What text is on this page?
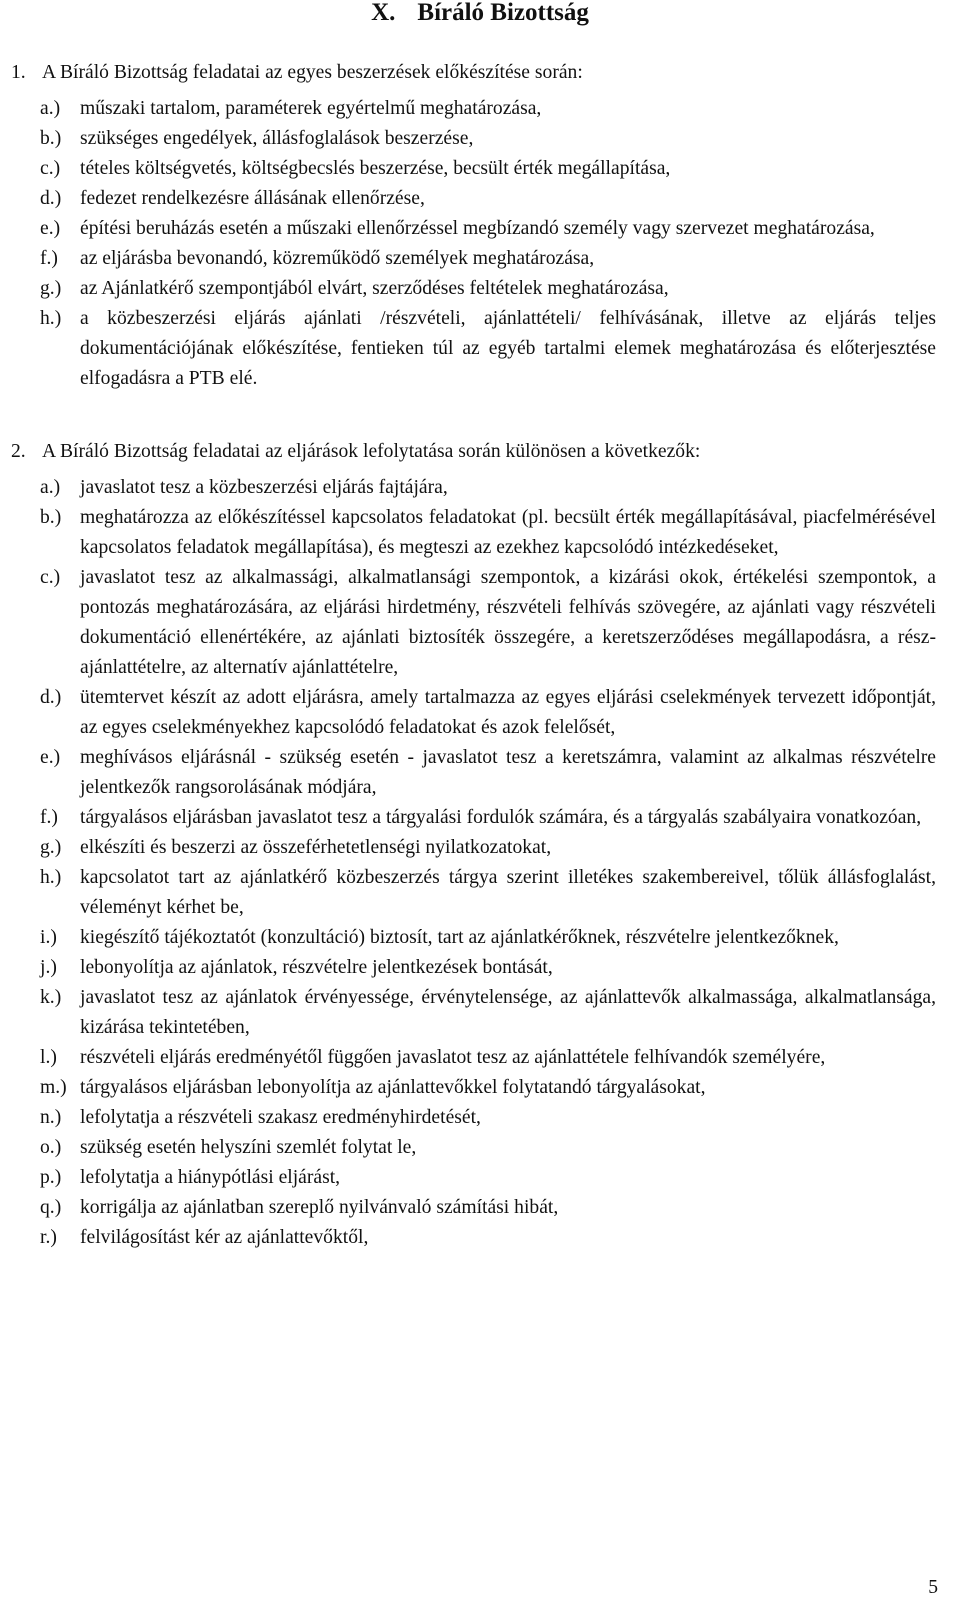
X. Bíráló Bizottság
1. A Bíráló Bizottság feladatai az egyes beszerzések előkészítése során:
a.) műszaki tartalom, paraméterek egyértelmű meghatározása,
b.) szükséges engedélyek, állásfoglalások beszerzése,
c.) tételes költségvetés, költségbecslés beszerzése, becsült érték megállapítása,
d.) fedezet rendelkezésre állásának ellenőrzése,
e.) építési beruházás esetén a műszaki ellenőrzéssel megbízandó személy vagy szervezet meghatározása,
f.) az eljárásba bevonandó, közreműködő személyek meghatározása,
g.) az Ajánlatkérő szempontjából elvárt, szerződéses feltételek meghatározása,
h.) a közbeszerzési eljárás ajánlati /részvételi, ajánlattételi/ felhívásának, illetve az eljárás teljes dokumentációjának előkészítése, fentieken túl az egyéb tartalmi elemek meghatározása és előterjesztése elfogadásra a PTB elé.
2. A Bíráló Bizottság feladatai az eljárások lefolytatása során különösen a következők:
a.) javaslatot tesz a közbeszerzési eljárás fajtájára,
b.) meghatározza az előkészítéssel kapcsolatos feladatokat (pl. becsült érték megállapításával, piacfelmérésével kapcsolatos feladatok megállapítása), és megteszi az ezekhez kapcsolódó intézkedéseket,
c.) javaslatot tesz az alkalmassági, alkalmatlansági szempontok, a kizárási okok, értékelési szempontok, a pontozás meghatározására, az eljárási hirdetmény, részvételi felhívás szövegére, az ajánlati vagy részvételi dokumentáció ellenértékére, az ajánlati biztosíték összegére, a keretszerződéses megállapodásra, a rész-ajánlattételre, az alternatív ajánlattételre,
d.) ütemtervet készít az adott eljárásra, amely tartalmazza az egyes eljárási cselekmények tervezett időpontját, az egyes cselekményekhez kapcsolódó feladatokat és azok felelősét,
e.) meghívásos eljárásnál - szükség esetén - javaslatot tesz a keretszámra, valamint az alkalmas részvételre jelentkezők rangsorolásának módjára,
f.) tárgyalásos eljárásban javaslatot tesz a tárgyalási fordulók számára, és a tárgyalás szabályaira vonatkozóan,
g.) elkészíti és beszerzi az összeférhetetlenségi nyilatkozatokat,
h.) kapcsolatot tart az ajánlatkérő közbeszerzés tárgya szerint illetékes szakembereivel, tőlük állásfoglalást, véleményt kérhet be,
i.) kiegészítő tájékoztatót (konzultáció) biztosít, tart az ajánlatkérőknek, részvételre jelentkezőknek,
j.) lebonyolítja az ajánlatok, részvételre jelentkezések bontását,
k.) javaslatot tesz az ajánlatok érvényessége, érvénytelensége, az ajánlattevők alkalmassága, alkalmatlansága, kizárása tekintetében,
l.) részvételi eljárás eredményétől függően javaslatot tesz az ajánlattétele felhívandók személyére,
m.) tárgyalásos eljárásban lebonyolítja az ajánlattevőkkel folytatandó tárgyalásokat,
n.) lefolytatja a részvételi szakasz eredményhirdetését,
o.) szükség esetén helyszíni szemlét folytat le,
p.) lefolytatja a hiánypótlási eljárást,
q.) korrigálja az ajánlatban szereplő nyilvánvaló számítási hibát,
r.) felvilágosítást kér az ajánlattevőktől,
5
